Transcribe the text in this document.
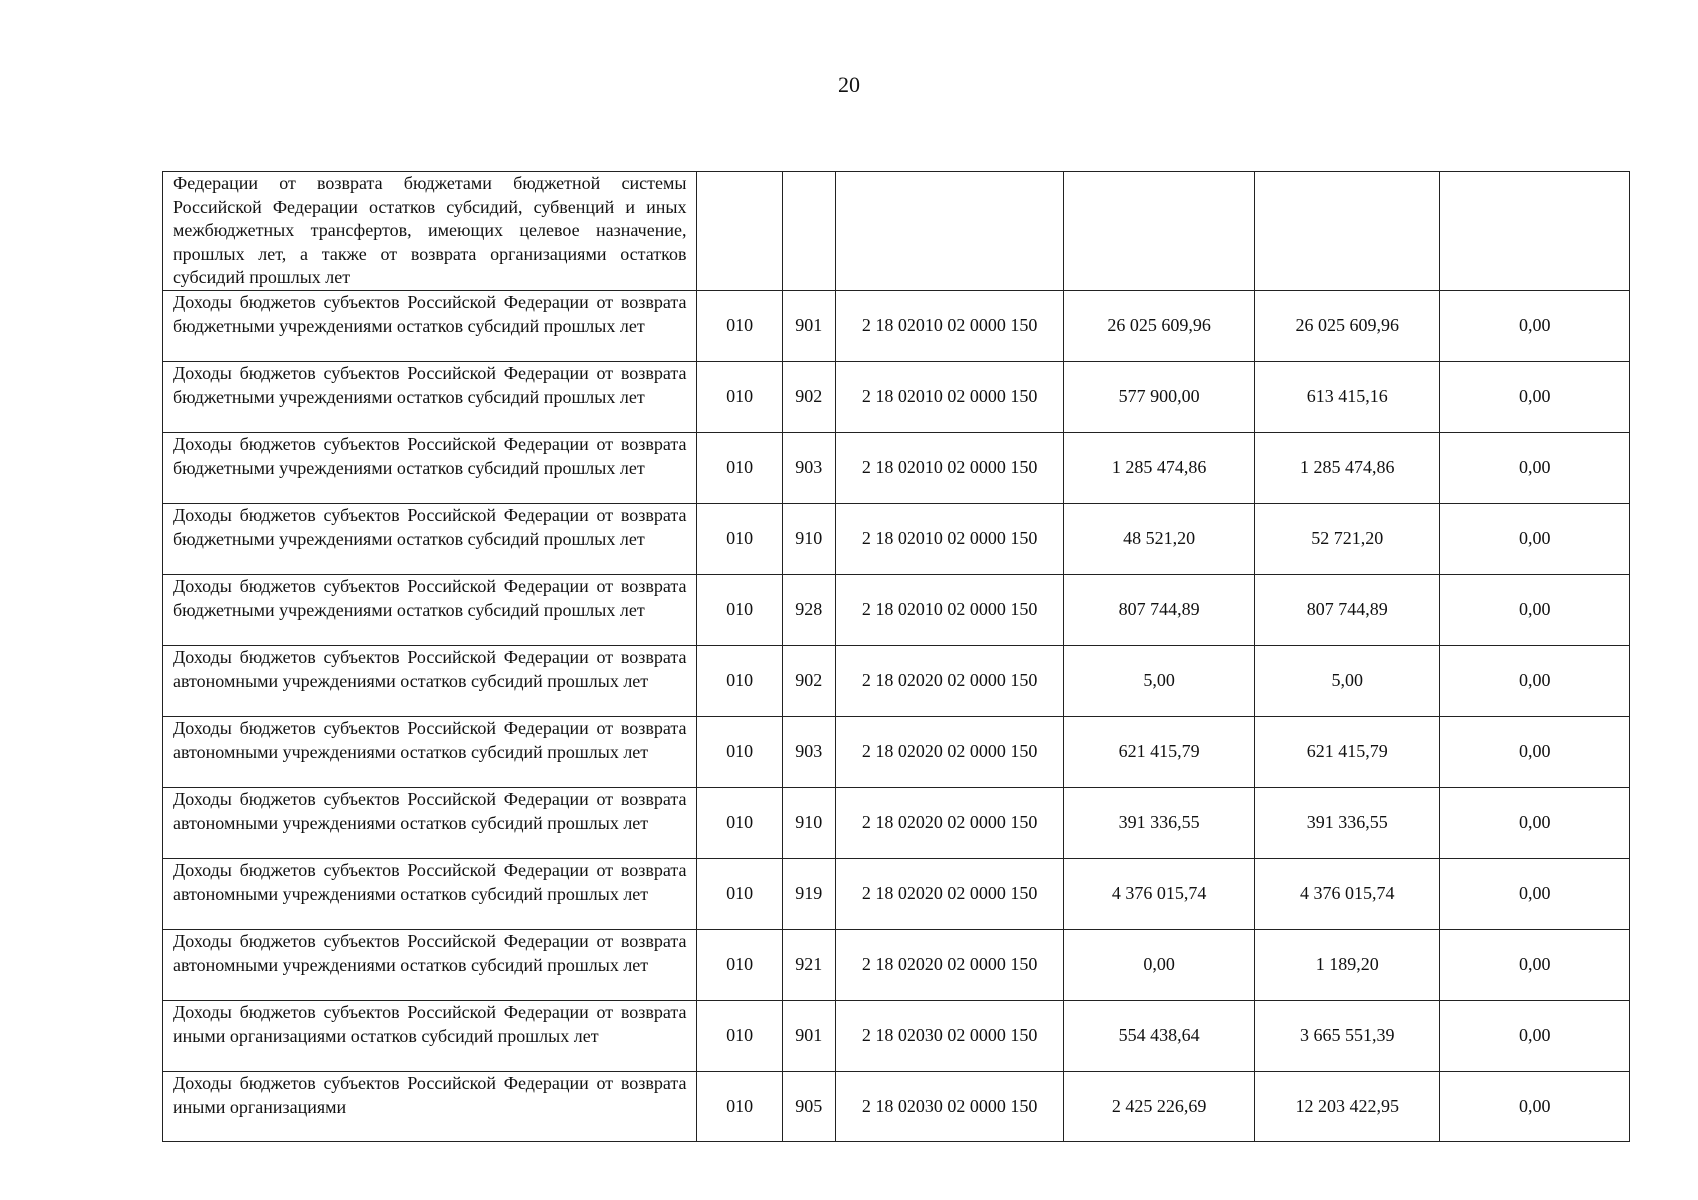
20
Федерации от возврата бюджетами бюджетной системы Российской Федерации остатков субсидий, субвенций и иных межбюджетных трансфертов, имеющих целевое назначение, прошлых лет, а также от возврата организациями остатков субсидий прошлых лет						
Доходы бюджетов субъектов Российской Федерации от возврата бюджетными учреждениями остатков субсидий прошлых лет	010	901	2 18 02010 02 0000 150	26 025 609,96	26 025 609,96	0,00
Доходы бюджетов субъектов Российской Федерации от возврата бюджетными учреждениями остатков субсидий прошлых лет	010	902	2 18 02010 02 0000 150	577 900,00	613 415,16	0,00
Доходы бюджетов субъектов Российской Федерации от возврата бюджетными учреждениями остатков субсидий прошлых лет	010	903	2 18 02010 02 0000 150	1 285 474,86	1 285 474,86	0,00
Доходы бюджетов субъектов Российской Федерации от возврата бюджетными учреждениями остатков субсидий прошлых лет	010	910	2 18 02010 02 0000 150	48 521,20	52 721,20	0,00
Доходы бюджетов субъектов Российской Федерации от возврата бюджетными учреждениями остатков субсидий прошлых лет	010	928	2 18 02010 02 0000 150	807 744,89	807 744,89	0,00
Доходы бюджетов субъектов Российской Федерации от возврата автономными учреждениями остатков субсидий прошлых лет	010	902	2 18 02020 02 0000 150	5,00	5,00	0,00
Доходы бюджетов субъектов Российской Федерации от возврата автономными учреждениями остатков субсидий прошлых лет	010	903	2 18 02020 02 0000 150	621 415,79	621 415,79	0,00
Доходы бюджетов субъектов Российской Федерации от возврата автономными учреждениями остатков субсидий прошлых лет	010	910	2 18 02020 02 0000 150	391 336,55	391 336,55	0,00
Доходы бюджетов субъектов Российской Федерации от возврата автономными учреждениями остатков субсидий прошлых лет	010	919	2 18 02020 02 0000 150	4 376 015,74	4 376 015,74	0,00
Доходы бюджетов субъектов Российской Федерации от возврата автономными учреждениями остатков субсидий прошлых лет	010	921	2 18 02020 02 0000 150	0,00	1 189,20	0,00
Доходы бюджетов субъектов Российской Федерации от возврата иными организациями остатков субсидий прошлых лет	010	901	2 18 02030 02 0000 150	554 438,64	3 665 551,39	0,00
Доходы бюджетов субъектов Российской Федерации от возврата иными организациями	010	905	2 18 02030 02 0000 150	2 425 226,69	12 203 422,95	0,00
